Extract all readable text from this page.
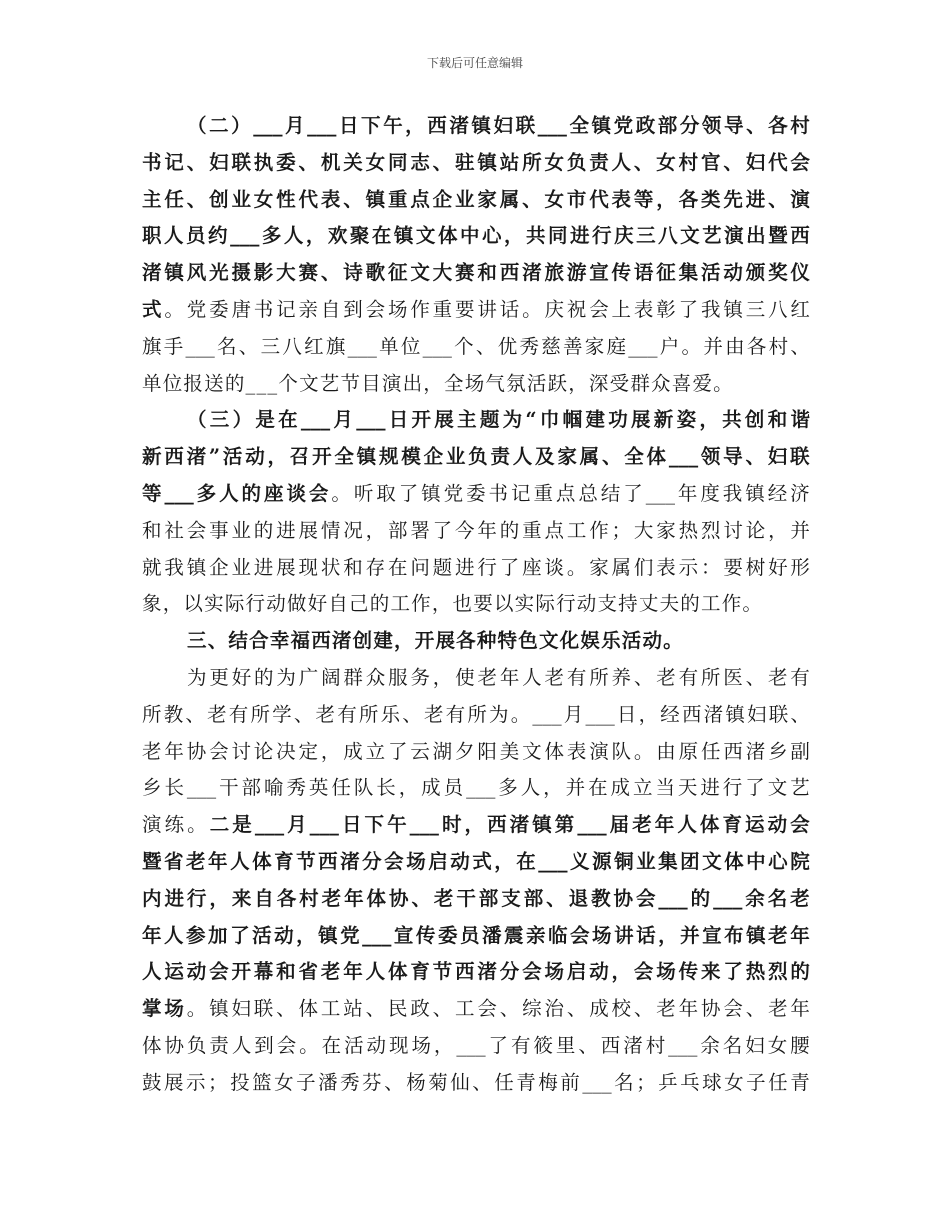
下载后可任意编辑
（ 二 ） ___ 月 ___ 日 下 午 ， 西 渚 镇 妇 联 ___ 全 镇 党 政 部 分 领 导 、 各 村
书 记 、 妇 联 执 委 、 机 关 女 同 志 、 驻 镇 站 所 女 负 责 人 、 女 村 官 、 妇 代 会
主 任 、 创 业 女 性 代 表 、 镇 重 点 企 业 家 属 、 女 市 代 表 等 ， 各 类 先 进 、 演
职 人 员 约 ___ 多 人 ， 欢 聚 在 镇 文 体 中 心 ， 共 同 进 行 庆 三 八 文 艺 演 出 暨 西
渚 镇 风 光 摄 影 大 赛 、 诗 歌 征 文 大 赛 和 西 渚 旅 游 宣 传 语 征 集 活 动 颁 奖 仪
式 。 党 委 唐 书 记 亲 自 到 会 场 作 重 要 讲 话 。 庆 祝 会 上 表 彰 了 我 镇 三 八 红
旗 手 ___ 名 、 三 八 红 旗 ___ 单 位 ___ 个 、 优 秀 慈 善 家 庭 ___ 户 。 并 由 各 村 、
单 位 报 送 的 ___ 个 文 艺 节 目 演 出 ， 全 场 气 氛 活 跃 ， 深 受 群 众 喜 爱 。
（ 三 ） 是 在 ___ 月 ___ 日 开 展 主 题 为 “ 巾 帼 建 功 展 新 姿 ， 共 创 和 谐
新 西 渚 ” 活 动 ， 召 开 全 镇 规 模 企 业 负 责 人 及 家 属 、 全 体 ___ 领 导 、 妇 联
等 ___ 多 人 的 座 谈 会 。 听 取 了 镇 党 委 书 记 重 点 总 结 了 ___ 年 度 我 镇 经 济
和 社 会 事 业 的 进 展 情 况 ， 部 署 了 今 年 的 重 点 工 作 ； 大 家 热 烈 讨 论 ， 并
就 我 镇 企 业 进 展 现 状 和 存 在 问 题 进 行 了 座 谈 。 家 属 们 表 示 ： 要 树 好 形
象 ， 以 实 际 行 动 做 好 自 己 的 工 作 ， 也 要 以 实 际 行 动 支 持 丈 夫 的 工 作 。
三 、 结 合 幸 福 西 渚 创 建 ， 开 展 各 种 特 色 文 化 娱 乐 活 动 。
为 更 好 的 为 广 阔 群 众 服 务 ， 使 老 年 人 老 有 所 养 、 老 有 所 医 、 老 有
所 教 、 老 有 所 学 、 老 有 所 乐 、 老 有 所 为 。 ___ 月 ___ 日 ， 经 西 渚 镇 妇 联 、
老 年 协 会 讨 论 决 定 ， 成 立 了 云 湖 夕 阳 美 文 体 表 演 队 。 由 原 任 西 渚 乡 副
乡 长 ___ 干 部 喻 秀 英 任 队 长 ， 成 员 ___ 多 人 ， 并 在 成 立 当 天 进 行 了 文 艺
演 练 。 二 是 ___ 月 ___ 日 下 午 ___ 时 ， 西 渚 镇 第 ___ 届 老 年 人 体 育 运 动 会
暨 省 老 年 人 体 育 节 西 渚 分 会 场 启 动 式 ， 在 ___ 义 源 铜 业 集 团 文 体 中 心 院
内 进 行 ， 来 自 各 村 老 年 体 协 、 老 干 部 支 部 、 退 教 协 会 ___ 的 ___ 余 名 老
年 人 参 加 了 活 动 ， 镇 党 ___ 宣 传 委 员 潘 震 亲 临 会 场 讲 话 ， 并 宣 布 镇 老 年
人 运 动 会 开 幕 和 省 老 年 人 体 育 节 西 渚 分 会 场 启 动 ， 会 场 传 来 了 热 烈 的
掌 场 。 镇 妇 联 、 体 工 站 、 民 政 、 工 会 、 综 治 、 成 校 、 老 年 协 会 、 老 年
体 协 负 责 人 到 会 。 在 活 动 现 场 ， ___ 了 有 筱 里 、 西 渚 村 ___ 余 名 妇 女 腰
鼓 展 示 ； 投 篮 女 子 潘 秀 芬 、 杨 菊 仙 、 任 青 梅 前 ___ 名 ； 乒 乓 球 女 子 任 青
